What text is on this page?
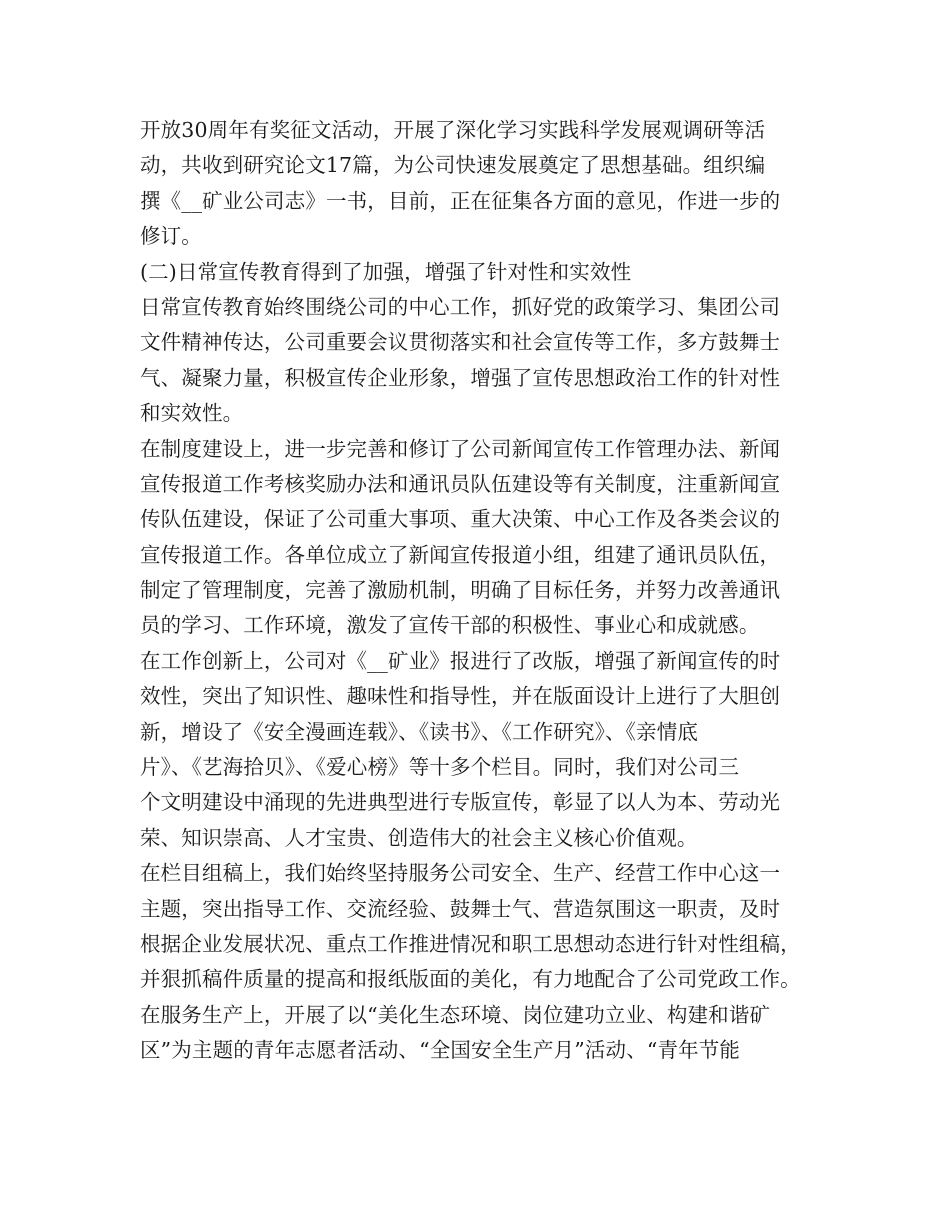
开放30周年有奖征文活动，开展了深化学习实践科学发展观调研等活
动，共收到研究论文17篇，为公司快速发展奠定了思想基础。组织编
撰《__矿业公司志》一书，目前，正在征集各方面的意见，作进一步的
修订。
(二)日常宣传教育得到了加强，增强了针对性和实效性
日常宣传教育始终围绕公司的中心工作，抓好党的政策学习、集团公司
文件精神传达，公司重要会议贯彻落实和社会宣传等工作，多方鼓舞士
气、凝聚力量，积极宣传企业形象，增强了宣传思想政治工作的针对性
和实效性。
在制度建设上，进一步完善和修订了公司新闻宣传工作管理办法、新闻
宣传报道工作考核奖励办法和通讯员队伍建设等有关制度，注重新闻宣
传队伍建设，保证了公司重大事项、重大决策、中心工作及各类会议的
宣传报道工作。各单位成立了新闻宣传报道小组，组建了通讯员队伍，
制定了管理制度，完善了激励机制，明确了目标任务，并努力改善通讯
员的学习、工作环境，激发了宣传干部的积极性、事业心和成就感。
在工作创新上，公司对《__矿业》报进行了改版，增强了新闻宣传的时
效性，突出了知识性、趣味性和指导性，并在版面设计上进行了大胆创
新，增设了《安全漫画连载》、《读书》、《工作研究》、《亲情底
片》、《艺海拾贝》、《爱心榜》等十多个栏目。同时，我们对公司三
个文明建设中涌现的先进典型进行专版宣传，彰显了以人为本、劳动光
荣、知识崇高、人才宝贵、创造伟大的社会主义核心价值观。
在栏目组稿上，我们始终坚持服务公司安全、生产、经营工作中心这一
主题，突出指导工作、交流经验、鼓舞士气、营造氛围这一职责，及时
根据企业发展状况、重点工作推进情况和职工思想动态进行针对性组稿，
并狠抓稿件质量的提高和报纸版面的美化，有力地配合了公司党政工作。
在服务生产上，开展了以“美化生态环境、岗位建功立业、构建和谐矿
区”为主题的青年志愿者活动、“全国安全生产月”活动、“青年节能
